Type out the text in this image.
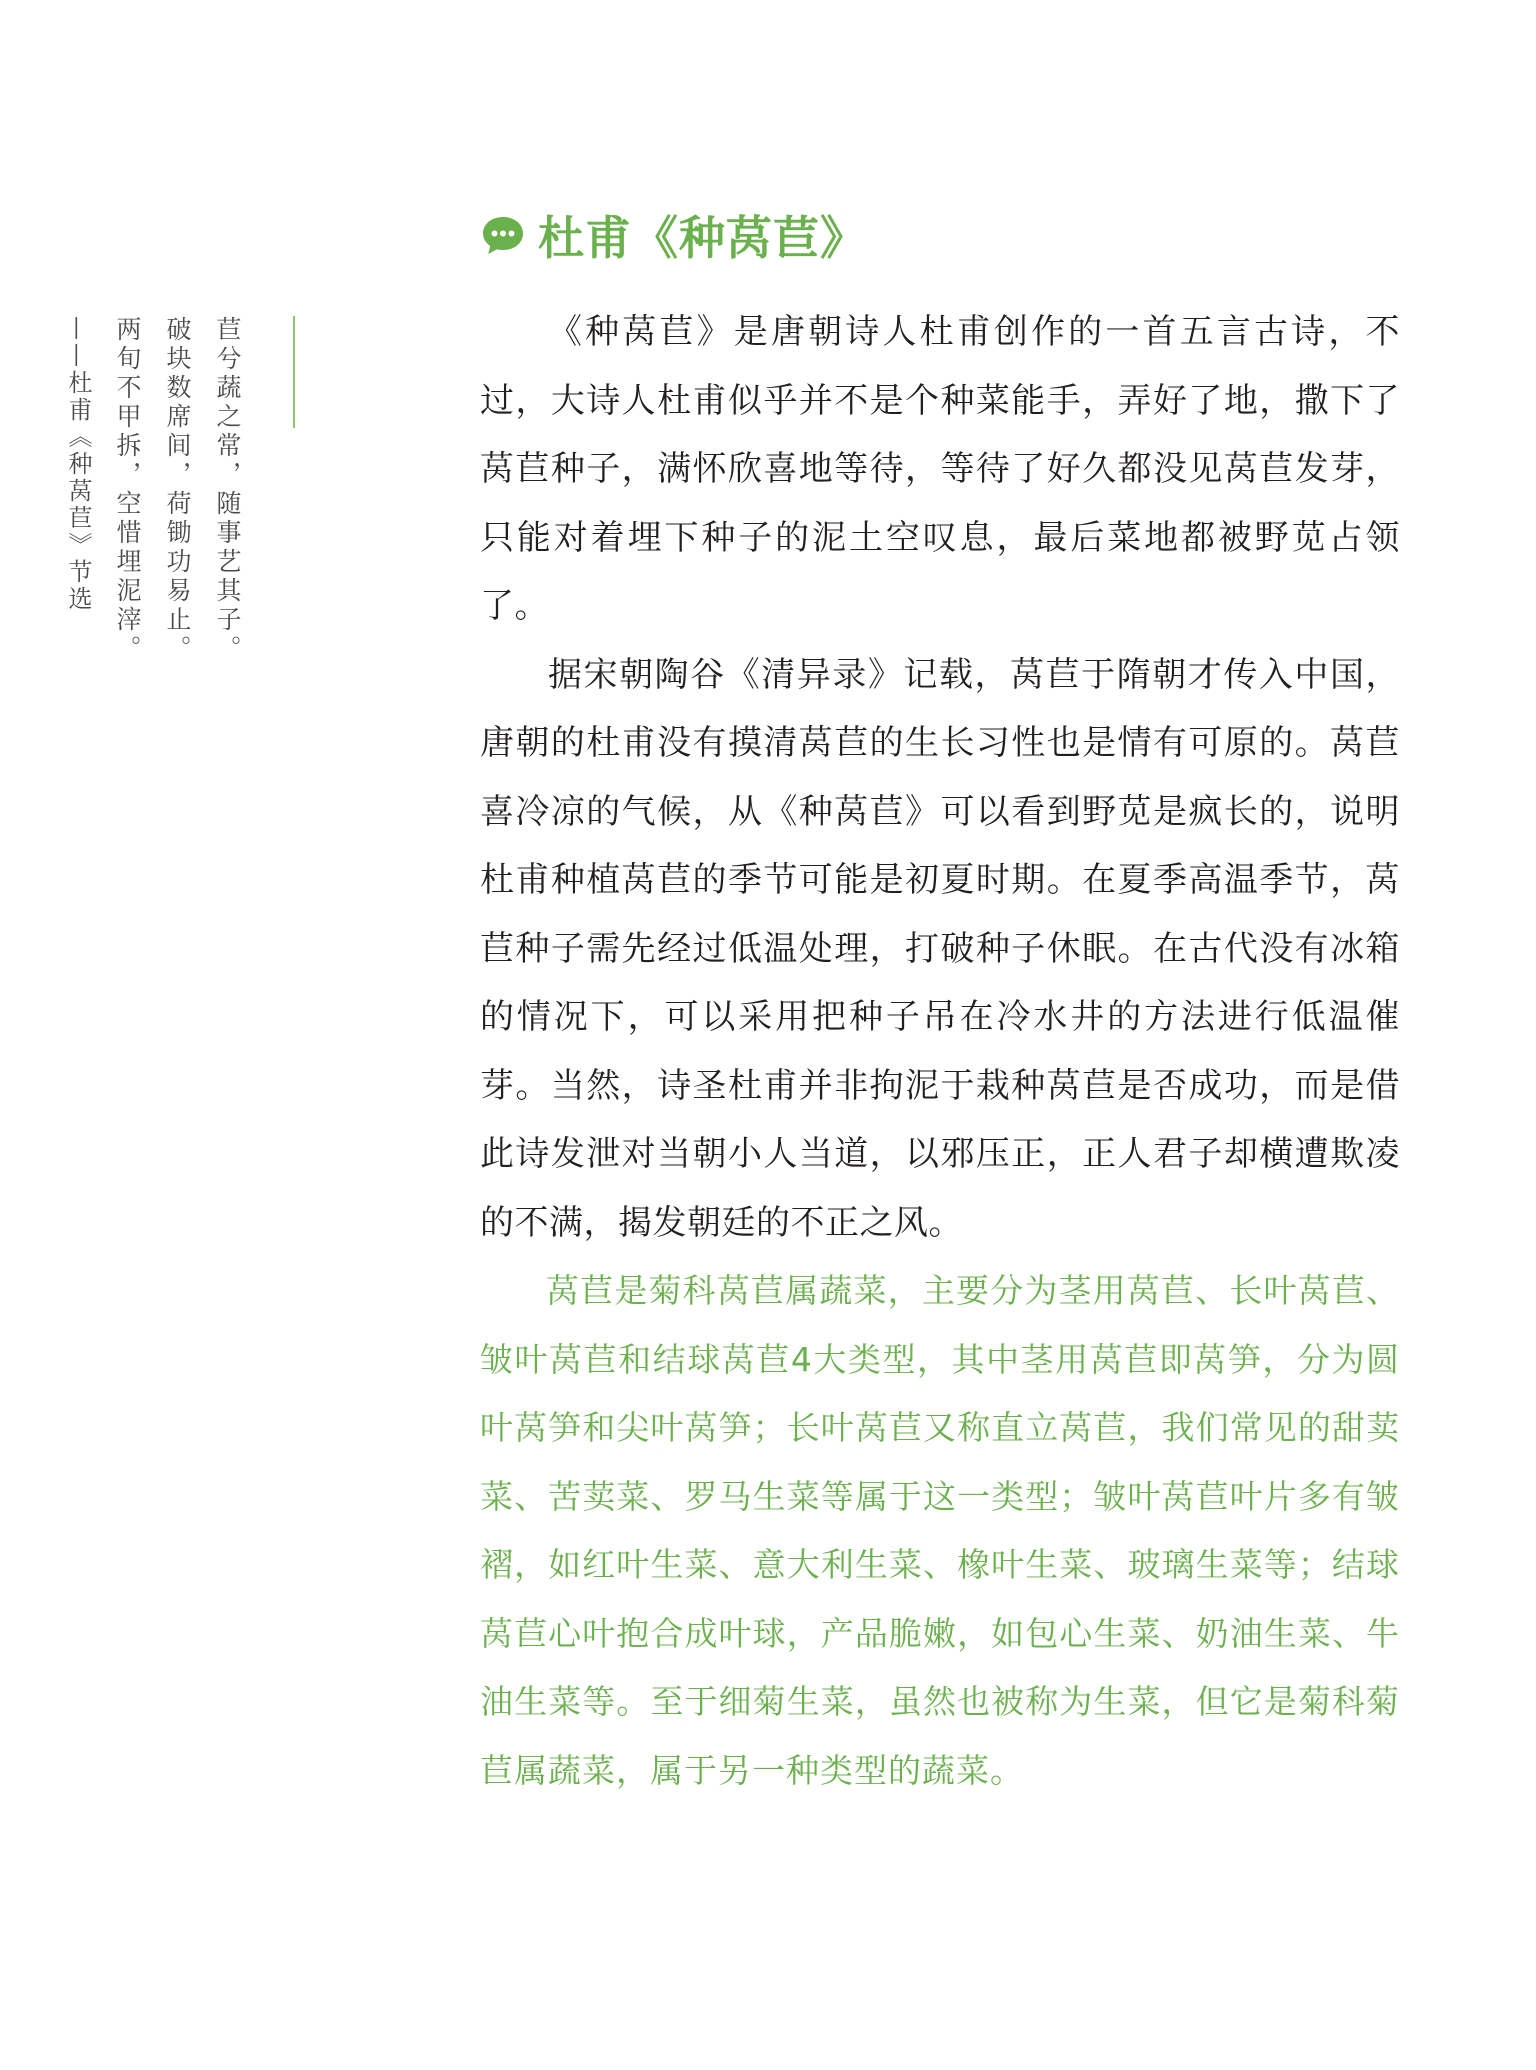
苣兮蔬之常，随事艺其子。
破块数席间，荷锄功易止。
两旬不甲拆，空惜埋泥滓。
——杜甫《种莴苣》节选
杜甫《种莴苣》

《种莴苣》是唐朝诗人杜甫创作的一首五言古诗，不过，大诗人杜甫似乎并不是个种菜能手，弄好了地，撒下了莴苣种子，满怀欣喜地等待，等待了好久都没见莴苣发芽，只能对着埋下种子的泥土空叹息，最后菜地都被野苋占领了。

据宋朝陶谷《清异录》记载，莴苣于隋朝才传入中国，唐朝的杜甫没有摸清莴苣的生长习性也是情有可原的。莴苣喜冷凉的气候，从《种莴苣》可以看到野苋是疯长的，说明杜甫种植莴苣的季节可能是初夏时期。在夏季高温季节，莴苣种子需先经过低温处理，打破种子休眠。在古代没有冰箱的情况下，可以采用把种子吊在冷水井的方法进行低温催芽。当然，诗圣杜甫并非拘泥于栽种莴苣是否成功，而是借此诗发泄对当朝小人当道，以邪压正，正人君子却横遭欺凌的不满，揭发朝廷的不正之风。

莴苣是菊科莴苣属蔬菜，主要分为茎用莴苣、长叶莴苣、皱叶莴苣和结球莴苣4大类型，其中茎用莴苣即莴笋，分为圆叶莴笋和尖叶莴笋；长叶莴苣又称直立莴苣，我们常见的甜荬菜、苦荬菜、罗马生菜等属于这一类型；皱叶莴苣叶片多有皱褶，如红叶生菜、意大利生菜、橡叶生菜、玻璃生菜等；结球莴苣心叶抱合成叶球，产品脆嫩，如包心生菜、奶油生菜、牛油生菜等。至于细菊生菜，虽然也被称为生菜，但它是菊科菊苣属蔬菜，属于另一种类型的蔬菜。
